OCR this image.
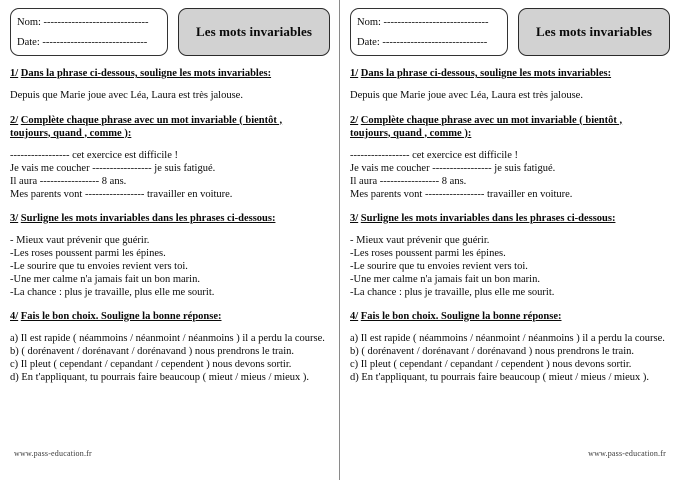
Nom: ------------------------------
Date: ------------------------------
Les mots invariables
1/ Dans la phrase ci-dessous, souligne les mots invariables:
Depuis que Marie joue avec Léa, Laura est très jalouse.
2/ Complète chaque phrase avec un mot invariable ( bientôt ,
toujours, quand , comme ):
----------------- cet exercice est difficile !
Je vais me coucher ----------------- je suis fatigué.
Il aura ----------------- 8 ans.
Mes parents vont ----------------- travailler en voiture.
3/ Surligne les mots invariables dans les phrases ci-dessous:
- Mieux vaut prévenir que guérir.
-Les roses poussent parmi les épines.
-Le sourire que tu envoies revient vers toi.
-Une mer calme n'a jamais fait un bon marin.
-La chance : plus je travaille, plus elle me sourit.
4/ Fais le bon choix. Souligne la bonne réponse:
a) Il est rapide ( néammoins / néanmoint / néanmoins ) il a perdu la course.
b) ( dorénavent / dorénavant / dorénavand ) nous prendrons le train.
c) Il pleut ( cependant / cepandant / cependent ) nous devons sortir.
d) En t'appliquant, tu pourrais faire beaucoup ( mieut / mieus / mieux ).
www.pass-education.fr
Nom: ------------------------------
Date: ------------------------------
Les mots invariables
1/ Dans la phrase ci-dessous, souligne les mots invariables:
Depuis que Marie joue avec Léa, Laura est très jalouse.
2/ Complète chaque phrase avec un mot invariable ( bientôt ,
toujours, quand , comme ):
----------------- cet exercice est difficile !
Je vais me coucher ----------------- je suis fatigué.
Il aura ----------------- 8 ans.
Mes parents vont ----------------- travailler en voiture.
3/ Surligne les mots invariables dans les phrases ci-dessous:
- Mieux vaut prévenir que guérir.
-Les roses poussent parmi les épines.
-Le sourire que tu envoies revient vers toi.
-Une mer calme n'a jamais fait un bon marin.
-La chance : plus je travaille, plus elle me sourit.
4/ Fais le bon choix. Souligne la bonne réponse:
a) Il est rapide ( néammoins / néanmoint / néanmoins ) il a perdu la course.
b) ( dorénavent / dorénavant / dorénavand ) nous prendrons le train.
c) Il pleut ( cependant / cepandant / cependent ) nous devons sortir.
d) En t'appliquant, tu pourrais faire beaucoup ( mieut / mieus / mieux ).
www.pass-education.fr
